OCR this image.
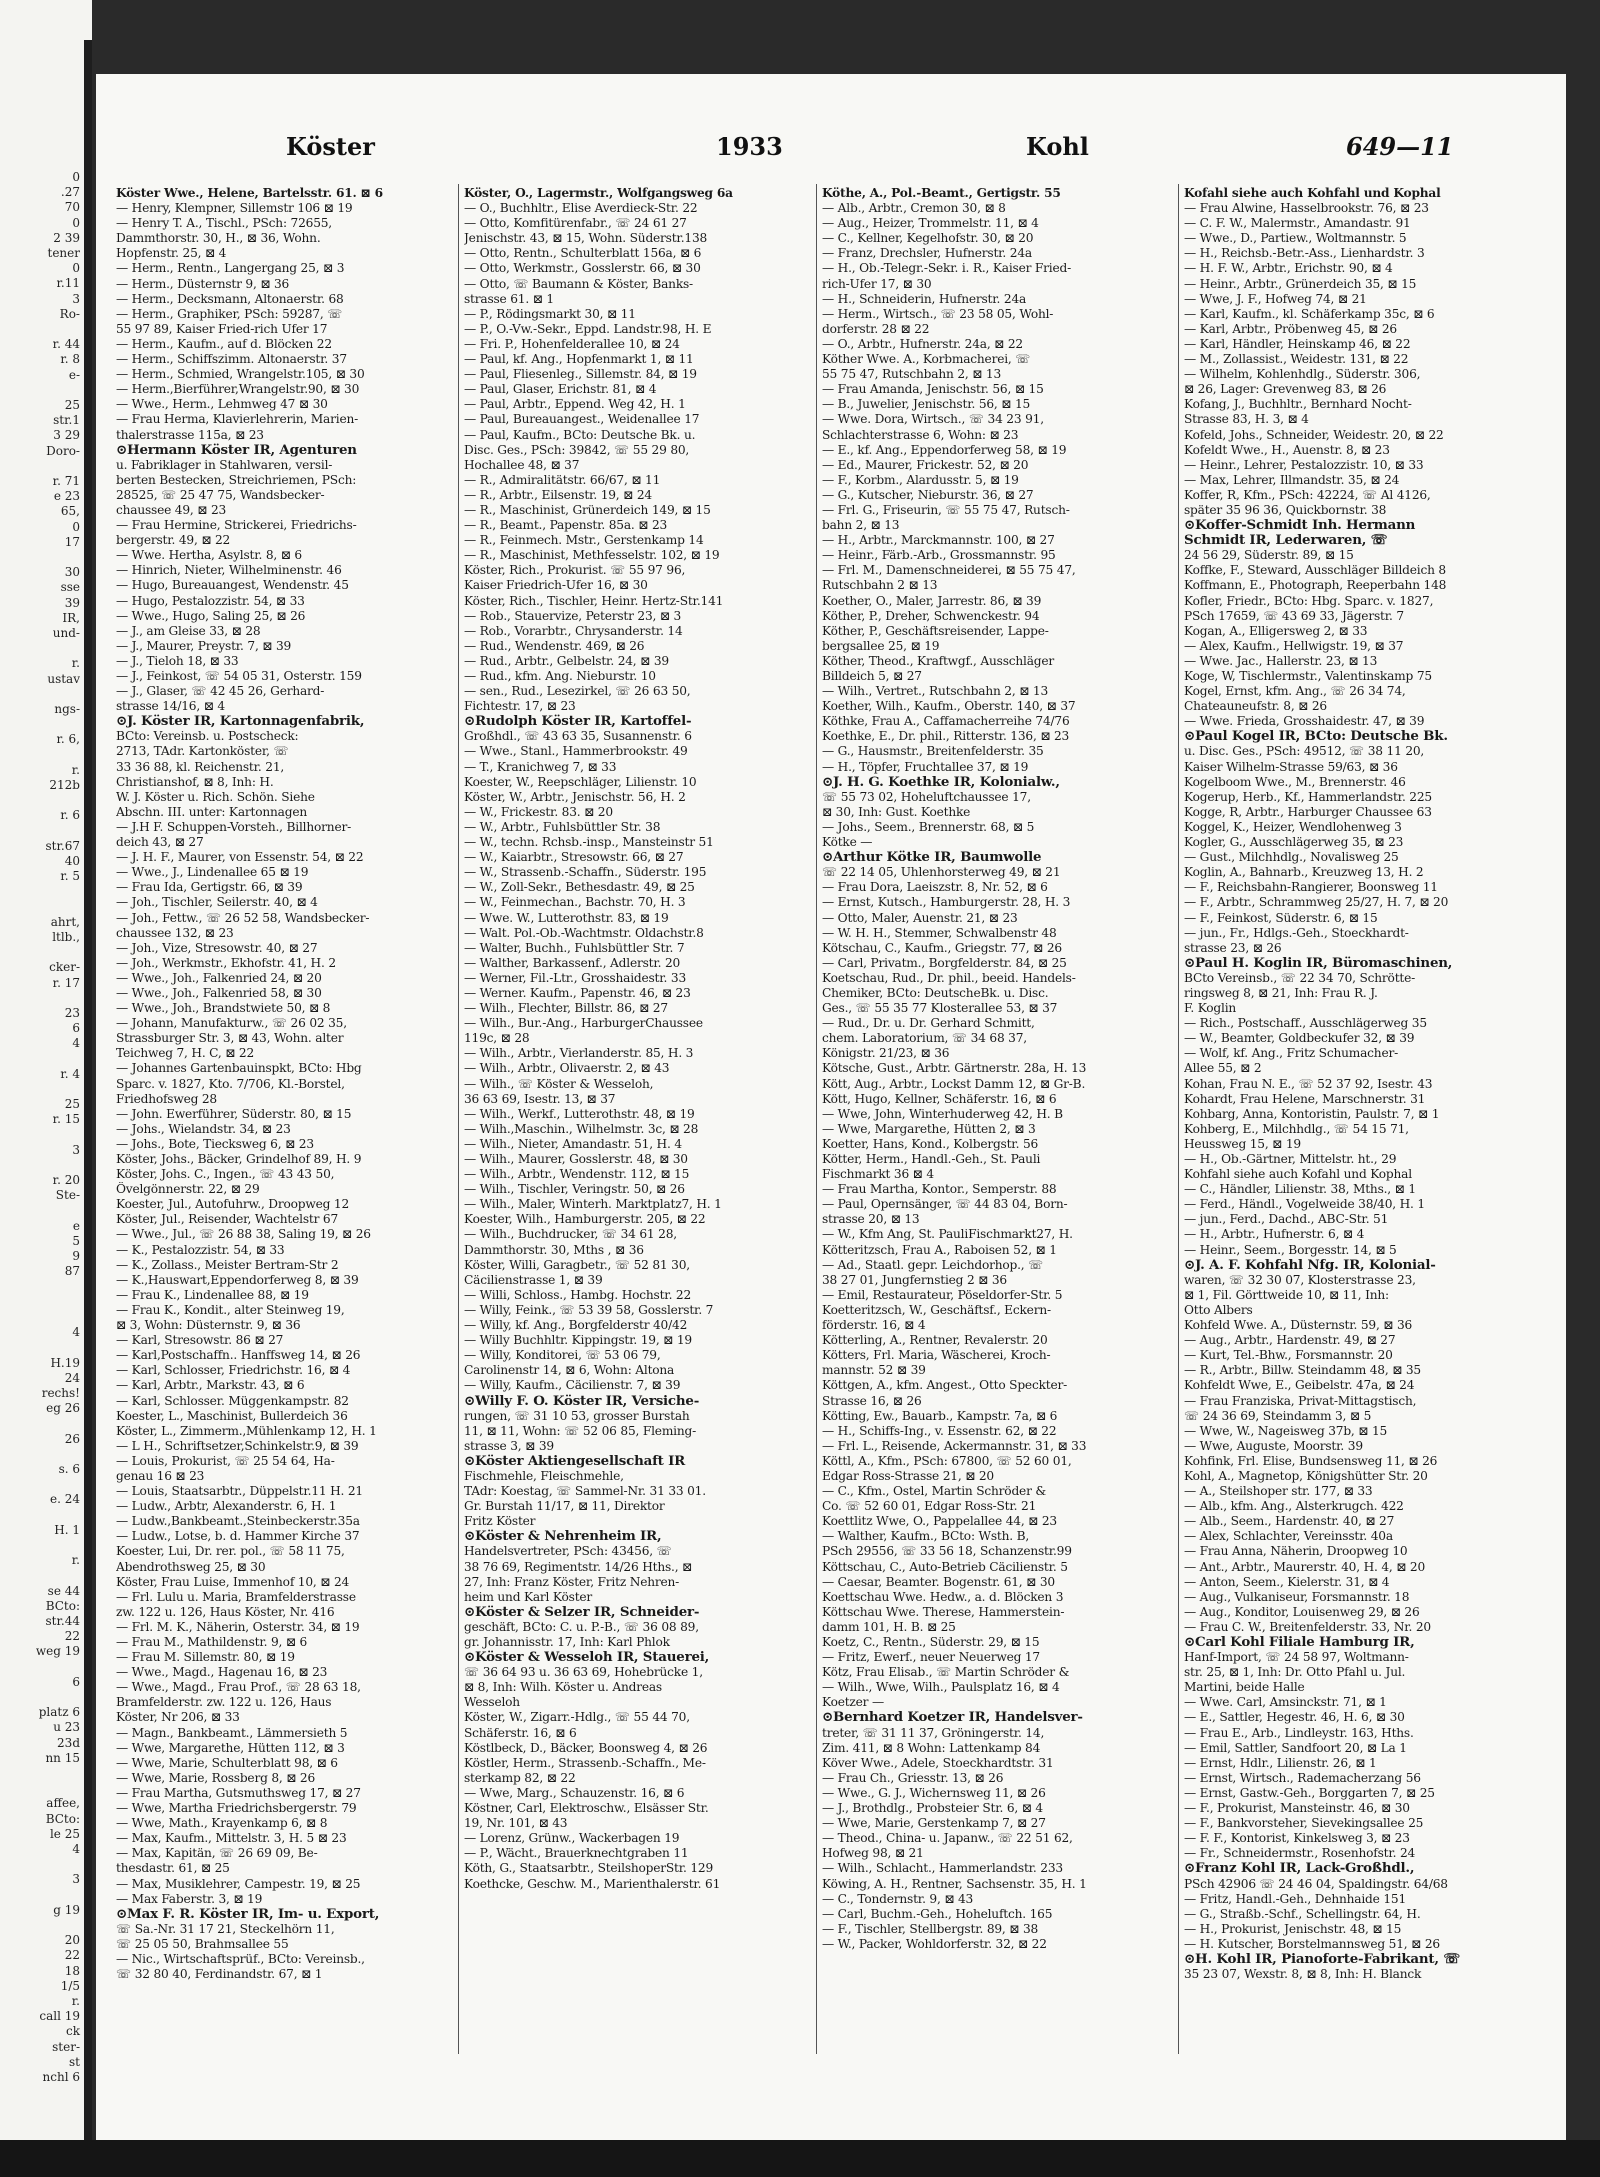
0
.27
70
0
2 39
tener
0
r.11
3
Ro-
r. 44
r. 8
e-
25
str.1
3 29
Doro-
r. 71
e 23
65,
0
17
30
sse
39
IR,
und-
r.
ustav
ngs-
r. 6,
r.
212b
r. 6
str.67
40
r. 5
ahrt,
ltlb.,
cker-
r. 17
23
6
4
r. 4
25
r. 15
3
r. 20
Ste-
e
5
9
87
4
H.19
24
rechs!
eg 26
26
s. 6
e. 24
H. 1
r.
se 44
BCto:
str.44
22
weg 19
6
platz 6
u 23
23d
nn 15
affee,
BCto:
le 25
4
3
g 19
20
22
18
1/5
r.
call 19
ck
ster-
st
nchl 6
Köster	1933	Kohl	649—11
Köster Wwe., Helene, Bartelsstr. 61. ⊠ 6
— Henry, Klempner, Sillemstr 106 ⊠ 19
— Henry T. A., Tischl., PSch: 72655,
Dammthorstr. 30, H., ⊠ 36, Wohn.
Hopfenstr. 25, ⊠ 4
— Herm., Rentn., Langergang 25, ⊠ 3
— Herm., Düsternstr 9, ⊠ 36
— Herm., Decksmann, Altonaerstr. 68
— Herm., Graphiker, PSch: 59287, ☏
55 97 89, Kaiser Fried-rich Ufer 17
— Herm., Kaufm., auf d. Blöcken 22
— Herm., Schiffszimm. Altonaerstr. 37
— Herm., Schmied, Wrangelstr.105, ⊠ 30
— Herm.,Bierführer,Wrangelstr.90, ⊠ 30
— Wwe., Herm., Lehmweg 47 ⊠ 30
— Frau Herma, Klavierlehrerin, Marien-
thalerstrasse 115a, ⊠ 23
⊙ Hermann Köster IR, Agenturen
u. Fabriklager in Stahlwaren, versil-
berten Bestecken, Streichriemen, PSch:
28525, ☏ 25 47 75, Wandsbecker-
chaussee 49, ⊠ 23
— Frau Hermine, Strickerei, Friedrichs-
bergerstr. 49, ⊠ 22
— Wwe. Hertha, Asylstr. 8, ⊠ 6
— Hinrich, Nieter, Wilhelminenstr. 46
— Hugo, Bureauangest, Wendenstr. 45
— Hugo, Pestalozzistr. 54, ⊠ 33
— Wwe., Hugo, Saling 25, ⊠ 26
— J., am Gleise 33, ⊠ 28
— J., Maurer, Preystr. 7, ⊠ 39
— J., Tieloh 18, ⊠ 33
— J., Feinkost, ☏ 54 05 31, Osterstr. 159
— J., Glaser, ☏ 42 45 26, Gerhard-
strasse 14/16, ⊠ 4
⊙ J. Köster IR, Kartonnagenfabrik,
BCto: Vereinsb. u. Postscheck:
2713, TAdr. Kartonköster, ☏
33 36 88, kl. Reichenstr. 21,
Christianshof, ⊠ 8, Inh: H.
W. J. Köster u. Rich. Schön. Siehe
Abschn. III. unter: Kartonnagen
— J.H F. Schuppen-Vorsteh., Billhorner-
deich 43, ⊠ 27
— J. H. F., Maurer, von Essenstr. 54, ⊠ 22
— Wwe., J., Lindenallee 65 ⊠ 19
— Frau Ida, Gertigstr. 66, ⊠ 39
— Joh., Tischler, Seilerstr. 40, ⊠ 4
— Joh., Fettw., ☏ 26 52 58, Wandsbecker-
chaussee 132, ⊠ 23
— Joh., Vize, Stresowstr. 40, ⊠ 27
— Joh., Werkmstr., Ekhofstr. 41, H. 2
— Wwe., Joh., Falkenried 24, ⊠ 20
— Wwe., Joh., Falkenried 58, ⊠ 30
— Wwe., Joh., Brandstwiete 50, ⊠ 8
— Johann, Manufakturw., ☏ 26 02 35,
Strassburger Str. 3, ⊠ 43, Wohn. alter
Teichweg 7, H. C, ⊠ 22
— Johannes Gartenbauinspkt, BCto: Hbg
Sparc. v. 1827, Kto. 7/706, Kl.-Borstel,
Friedhofsweg 28
— John. Ewerführer, Süderstr. 80, ⊠ 15
— Johs., Wielandstr. 34, ⊠ 23
— Johs., Bote, Tiecksweg 6, ⊠ 23
Köster, Johs., Bäcker, Grindelhof 89, H. 9
Köster, Johs. C., Ingen., ☏ 43 43 50,
Övelgönnerstr. 22, ⊠ 29
Koester, Jul., Autofuhrw., Droopweg 12
Köster, Jul., Reisender, Wachtelstr 67
— Wwe., Jul., ☏ 26 88 38, Saling 19, ⊠ 26
— K., Pestalozzistr. 54, ⊠ 33
— K., Zollass., Meister Bertram-Str 2
— K.,Hauswart,Eppendorferweg 8, ⊠ 39
— Frau K., Lindenallee 88, ⊠ 19
— Frau K., Kondit., alter Steinweg 19,
⊠ 3, Wohn: Düsternstr. 9, ⊠ 36
— Karl, Stresowstr. 86 ⊠ 27
— Karl,Postschaffn.. Hanffsweg 14, ⊠ 26
— Karl, Schlosser, Friedrichstr. 16, ⊠ 4
— Karl, Arbtr., Markstr. 43, ⊠ 6
— Karl, Schlosser. Müggenkampstr. 82
Koester, L., Maschinist, Bullerdeich 36
Köster, L., Zimmerm.,Mühlenkamp 12, H. 1
— L H., Schriftsetzer,Schinkelstr.9, ⊠ 39
— Louis, Prokurist, ☏ 25 54 64, Ha-
genau 16 ⊠ 23
— Louis, Staatsarbtr., Düppelstr.11 H. 21
— Ludw., Arbtr, Alexanderstr. 6, H. 1
— Ludw.,Bankbeamt.,Steinbeckerstr.35a
— Ludw., Lotse, b. d. Hammer Kirche 37
Koester, Lui, Dr. rer. pol., ☏ 58 11 75,
Abendrothsweg 25, ⊠ 30
Köster, Frau Luise, Immenhof 10, ⊠ 24
— Frl. Lulu u. Maria, Bramfelderstrasse
zw. 122 u. 126, Haus Köster, Nr. 416
— Frl. M. K., Näherin, Osterstr. 34, ⊠ 19
— Frau M., Mathildenstr. 9, ⊠ 6
— Frau M. Sillemstr. 80, ⊠ 19
— Wwe., Magd., Hagenau 16, ⊠ 23
— Wwe., Magd., Frau Prof., ☏ 28 63 18,
Bramfelderstr. zw. 122 u. 126, Haus
Köster, Nr 206, ⊠ 33
— Magn., Bankbeamt., Lämmersieth 5
— Wwe, Margarethe, Hütten 112, ⊠ 3
— Wwe, Marie, Schulterblatt 98, ⊠ 6
— Wwe, Marie, Rossberg 8, ⊠ 26
— Frau Martha, Gutsmuthsweg 17, ⊠ 27
— Wwe, Martha Friedrichsbergerstr. 79
— Wwe, Math., Krayenkamp 6, ⊠ 8
— Max, Kaufm., Mittelstr. 3, H. 5 ⊠ 23
— Max, Kapitän, ☏ 26 69 09, Be-
thesdastr. 61, ⊠ 25
— Max, Musiklehrer, Campestr. 19, ⊠ 25
— Max Faberstr. 3, ⊠ 19
⊙ Max F. R. Köster IR, Im- u. Export,
☏ Sa.-Nr. 31 17 21, Steckelhörn 11,
☏ 25 05 50, Brahmsallee 55
— Nic., Wirtschaftsprüf., BCto: Vereinsb.,
☏ 32 80 40, Ferdinandstr. 67, ⊠ 1
Köster, O., Lagermstr., Wolfgangsweg 6a
— O., Buchhltr., Elise Averdieck-Str. 22
— Otto, Komfitürenfabr., ☏ 24 61 27
Jenischstr. 43, ⊠ 15, Wohn. Süderstr.138
— Otto, Rentn., Schulterblatt 156a, ⊠ 6
— Otto, Werkmstr., Gosslerstr. 66, ⊠ 30
— Otto, ☏ Baumann & Köster, Banks-
strasse 61. ⊠ 1
— P., Rödingsmarkt 30, ⊠ 11
— P., O.-Vw.-Sekr., Eppd. Landstr.98, H. E
— Fri. P., Hohenfelderallee 10, ⊠ 24
— Paul, kf. Ang., Hopfenmarkt 1, ⊠ 11
— Paul, Fliesenleg., Sillemstr. 84, ⊠ 19
— Paul, Glaser, Erichstr. 81, ⊠ 4
— Paul, Arbtr., Eppend. Weg 42, H. 1
— Paul, Bureauangest., Weidenallee 17
— Paul, Kaufm., BCto: Deutsche Bk. u.
Disc. Ges., PSch: 39842, ☏ 55 29 80,
Hochallee 48, ⊠ 37
— R., Admiralitätstr. 66/67, ⊠ 11
— R., Arbtr., Eilsenstr. 19, ⊠ 24
— R., Maschinist, Grünerdeich 149, ⊠ 15
— R., Beamt., Papenstr. 85a. ⊠ 23
— R., Feinmech. Mstr., Gerstenkamp 14
— R., Maschinist, Methfesselstr. 102, ⊠ 19
Köster, Rich., Prokurist. ☏ 55 97 96,
Kaiser Friedrich-Ufer 16, ⊠ 30
Köster, Rich., Tischler, Heinr. Hertz-Str.141
— Rob., Stauervize, Peterstr 23, ⊠ 3
— Rob., Vorarbtr., Chrysanderstr. 14
— Rud., Wendenstr. 469, ⊠ 26
— Rud., Arbtr., Gelbelstr. 24, ⊠ 39
— Rud., kfm. Ang. Nieburstr. 10
— sen., Rud., Lesezirkel, ☏ 26 63 50,
Fichtestr. 17, ⊠ 23
⊙ Rudolph Köster IR, Kartoffel-
Großhdl., ☏ 43 63 35, Susannenstr. 6
— Wwe., Stanl., Hammerbrookstr. 49
— T., Kranichweg 7, ⊠ 33
Koester, W., Reepschläger, Lilienstr. 10
Köster, W., Arbtr., Jenischstr. 56, H. 2
— W., Frickestr. 83. ⊠ 20
— W., Arbtr., Fuhlsbüttler Str. 38
— W., techn. Rchsb.-insp., Mansteinstr 51
— W., Kaiarbtr., Stresowstr. 66, ⊠ 27
— W., Strassenb.-Schaffn., Süderstr. 195
— W., Zoll-Sekr., Bethesdastr. 49, ⊠ 25
— W., Feinmechan., Bachstr. 70, H. 3
— Wwe. W., Lutterothstr. 83, ⊠ 19
— Walt. Pol.-Ob.-Wachtmstr. Oldachstr.8
— Walter, Buchh., Fuhlsbüttler Str. 7
— Walther, Barkassenf., Adlerstr. 20
— Werner, Fil.-Ltr., Grosshaidestr. 33
— Werner. Kaufm., Papenstr. 46, ⊠ 23
— Wilh., Flechter, Billstr. 86, ⊠ 27
— Wilh., Bur.-Ang., HarburgerChaussee
119c, ⊠ 28
— Wilh., Arbtr., Vierlanderstr. 85, H. 3
— Wilh., Arbtr., Olivaerstr. 2, ⊠ 43
— Wilh., ☏ Köster & Wesseloh,
36 63 69, Isestr. 13, ⊠ 37
— Wilh., Werkf., Lutterothstr. 48, ⊠ 19
— Wilh.,Maschin., Wilhelmstr. 3c, ⊠ 28
— Wilh., Nieter, Amandastr. 51, H. 4
— Wilh., Maurer, Gosslerstr. 48, ⊠ 30
— Wilh., Arbtr., Wendenstr. 112, ⊠ 15
— Wilh., Tischler, Veringstr. 50, ⊠ 26
— Wilh., Maler, Winterh. Marktplatz7, H. 1
Koester, Wilh., Hamburgerstr. 205, ⊠ 22
— Wilh., Buchdrucker, ☏ 34 61 28,
Dammthorstr. 30, Mths , ⊠ 36
Köster, Willi, Garagbetr., ☏ 52 81 30,
Cäcilienstrasse 1, ⊠ 39
— Willi, Schloss., Hambg. Hochstr. 22
— Willy, Feink., ☏ 53 39 58, Gosslerstr. 7
— Willy, kf. Ang., Borgfelderstr 40/42
— Willy Buchhltr. Kippingstr. 19, ⊠ 19
— Willy, Konditorei, ☏ 53 06 79,
Carolinenstr 14, ⊠ 6, Wohn: Altona
— Willy, Kaufm., Cäcilienstr. 7, ⊠ 39
⊙ Willy F. O. Köster IR, Versiche-
rungen, ☏ 31 10 53, grosser Burstah
11, ⊠ 11, Wohn: ☏ 52 06 85, Fleming-
strasse 3, ⊠ 39
⊙ Köster Aktiengesellschaft IR
Fischmehle, Fleischmehle,
TAdr: Koestag, ☏ Sammel-Nr. 31 33 01.
Gr. Burstah 11/17, ⊠ 11, Direktor
Fritz Köster
⊙ Köster & Nehrenheim IR,
Handelsvertreter, PSch: 43456, ☏
38 76 69, Regimentstr. 14/26 Hths., ⊠
27, Inh: Franz Köster, Fritz Nehren-
heim und Karl Köster
⊙ Köster & Selzer IR, Schneider-
geschäft, BCto: C. u. P.-B., ☏ 36 08 89,
gr. Johannisstr. 17, Inh: Karl Phlok
⊙ Köster & Wesseloh IR, Stauerei,
☏ 36 64 93 u. 36 63 69, Hohebrücke 1,
⊠ 8, Inh: Wilh. Köster u. Andreas
Wesseloh
Köster, W., Zigarr.-Hdlg., ☏ 55 44 70,
Schäferstr. 16, ⊠ 6
Köstlbeck, D., Bäcker, Boonsweg 4, ⊠ 26
Köstler, Herm., Strassenb.-Schaffn., Me-
sterkamp 82, ⊠ 22
— Wwe, Marg., Schauzenstr. 16, ⊠ 6
Köstner, Carl, Elektroschw., Elsässer Str.
19, Nr. 101, ⊠ 43
— Lorenz, Grünw., Wackerbagen 19
— P., Wächt., Brauerknechtgraben 11
Köth, G., Staatsarbtr., SteilshoperStr. 129
Koethcke, Geschw. M., Marienthalerstr. 61
Köthe, A., Pol.-Beamt., Gertigstr. 55
— Alb., Arbtr., Cremon 30, ⊠ 8
— Aug., Heizer, Trommelstr. 11, ⊠ 4
— C., Kellner, Kegelhofstr. 30, ⊠ 20
— Franz, Drechsler, Hufnerstr. 24a
— H., Ob.-Telegr.-Sekr. i. R., Kaiser Fried-
rich-Ufer 17, ⊠ 30
— H., Schneiderin, Hufnerstr. 24a
— Herm., Wirtsch., ☏ 23 58 05, Wohl-
dorferstr. 28 ⊠ 22
— O., Arbtr., Hufnerstr. 24a, ⊠ 22
Köther Wwe. A., Korbmacherei, ☏
55 75 47, Rutschbahn 2, ⊠ 13
— Frau Amanda, Jenischstr. 56, ⊠ 15
— B., Juwelier, Jenischstr. 56, ⊠ 15
— Wwe. Dora, Wirtsch., ☏ 34 23 91,
Schlachterstrasse 6, Wohn: ⊠ 23
— E., kf. Ang., Eppendorferweg 58, ⊠ 19
— Ed., Maurer, Frickestr. 52, ⊠ 20
— F., Korbm., Alardusstr. 5, ⊠ 19
— G., Kutscher, Nieburstr. 36, ⊠ 27
— Frl. G., Friseurin, ☏ 55 75 47, Rutsch-
bahn 2, ⊠ 13
— H., Arbtr., Marckmannstr. 100, ⊠ 27
— Heinr., Färb.-Arb., Grossmannstr. 95
— Frl. M., Damenschneiderei, ⊠ 55 75 47,
Rutschbahn 2 ⊠ 13
Koether, O., Maler, Jarrestr. 86, ⊠ 39
Köther, P., Dreher, Schwenckestr. 94
Köther, P., Geschäftsreisender, Lappe-
bergsallee 25, ⊠ 19
Köther, Theod., Kraftwgf., Ausschläger
Billdeich 5, ⊠ 27
— Wilh., Vertret., Rutschbahn 2, ⊠ 13
Koether, Wilh., Kaufm., Oberstr. 140, ⊠ 37
Köthke, Frau A., Caffamacherreihe 74/76
Koethke, E., Dr. phil., Ritterstr. 136, ⊠ 23
— G., Hausmstr., Breitenfelderstr. 35
— H., Töpfer, Fruchtallee 37, ⊠ 19
⊙ J. H. G. Koethke IR, Kolonialw.,
☏ 55 73 02, Hoheluftchaussee 17,
⊠ 30, Inh: Gust. Koethke
— Johs., Seem., Brennerstr. 68, ⊠ 5
Kötke —
⊙ Arthur Kötke IR, Baumwolle
☏ 22 14 05, Uhlenhorsterweg 49, ⊠ 21
— Frau Dora, Laeiszstr. 8, Nr. 52, ⊠ 6
— Ernst, Kutsch., Hamburgerstr. 28, H. 3
— Otto, Maler, Auenstr. 21, ⊠ 23
— W. H. H., Stemmer, Schwalbenstr 48
Kötschau, C., Kaufm., Griegstr. 77, ⊠ 26
— Carl, Privatm., Borgfelderstr. 84, ⊠ 25
Koetschau, Rud., Dr. phil., beeid. Handels-
Chemiker, BCto: DeutscheBk. u. Disc.
Ges., ☏ 55 35 77 Klosterallee 53, ⊠ 37
— Rud., Dr. u. Dr. Gerhard Schmitt,
chem. Laboratorium, ☏ 34 68 37,
Königstr. 21/23, ⊠ 36
Kötsche, Gust., Arbtr. Gärtnerstr. 28a, H. 13
Kött, Aug., Arbtr., Lockst Damm 12, ⊠ Gr-B.
Kött, Hugo, Kellner, Schäferstr. 16, ⊠ 6
— Wwe, John, Winterhuderweg 42, H. B
— Wwe, Margarethe, Hütten 2, ⊠ 3
Koetter, Hans, Kond., Kolbergstr. 56
Kötter, Herm., Handl.-Geh., St. Pauli
Fischmarkt 36 ⊠ 4
— Frau Martha, Kontor., Semperstr. 88
— Paul, Opernsänger, ☏ 44 83 04, Born-
strasse 20, ⊠ 13
— W., Kfm Ang, St. PauliFischmarkt27, H.
Kötteritzsch, Frau A., Raboisen 52, ⊠ 1
— Ad., Staatl. gepr. Leichdorhop., ☏
38 27 01, Jungfernstieg 2 ⊠ 36
— Emil, Restaurateur, Pöseldorfer-Str. 5
Koetteritzsch, W., Geschäftsf., Eckern-
förderstr. 16, ⊠ 4
Kötterling, A., Rentner, Revalerstr. 20
Kötters, Frl. Maria, Wäscherei, Kroch-
mannstr. 52 ⊠ 39
Köttgen, A., kfm. Angest., Otto Speckter-
Strasse 16, ⊠ 26
Kötting, Ew., Bauarb., Kampstr. 7a, ⊠ 6
— H., Schiffs-Ing., v. Essenstr. 62, ⊠ 22
— Frl. L., Reisende, Ackermannstr. 31, ⊠ 33
Köttl, A., Kfm., PSch: 67800, ☏ 52 60 01,
Edgar Ross-Strasse 21, ⊠ 20
— C., Kfm., Ostel, Martin Schröder &
Co. ☏ 52 60 01, Edgar Ross-Str. 21
Koettlitz Wwe, O., Pappelallee 44, ⊠ 23
— Walther, Kaufm., BCto: Wsth. B,
PSch 29556, ☏ 33 56 18, Schanzenstr.99
Köttschau, C., Auto-Betrieb Cäcilienstr. 5
— Caesar, Beamter. Bogenstr. 61, ⊠ 30
Koettschau Wwe. Hedw., a. d. Blöcken 3
Köttschau Wwe. Therese, Hammerstein-
damm 101, H. B. ⊠ 25
Koetz, C., Rentn., Süderstr. 29, ⊠ 15
— Fritz, Ewerf., neuer Neuerweg 17
Kötz, Frau Elisab., ☏ Martin Schröder &
— Wilh., Wwe, Wilh., Paulsplatz 16, ⊠ 4
Koetzer —
⊙ Bernhard Koetzer IR, Handelsver-
treter, ☏ 31 11 37, Gröningerstr. 14,
Zim. 411, ⊠ 8 Wohn: Lattenkamp 84
Köver Wwe., Adele, Stoeckhardtstr. 31
— Frau Ch., Griesstr. 13, ⊠ 26
— Wwe., G. J., Wichernsweg 11, ⊠ 26
— J., Brothdlg., Probsteier Str. 6, ⊠ 4
— Wwe, Marie, Gerstenkamp 7, ⊠ 27
— Theod., China- u. Japanw., ☏ 22 51 62,
Hofweg 98, ⊠ 21
— Wilh., Schlacht., Hammerlandstr. 233
Köwing, A. H., Rentner, Sachsenstr. 35, H. 1
— C., Tondernstr. 9, ⊠ 43
— Carl, Buchm.-Geh., Hoheluftch. 165
— F., Tischler, Stellbergstr. 89, ⊠ 38
— W., Packer, Wohldorferstr. 32, ⊠ 22
Kofahl siehe auch Kohfahl und Kophal
— Frau Alwine, Hasselbrookstr. 76, ⊠ 23
— C. F. W., Malermstr., Amandastr. 91
— Wwe., D., Partiew., Woltmannstr. 5
— H., Reichsb.-Betr.-Ass., Lienhardstr. 3
— H. F. W., Arbtr., Erichstr. 90, ⊠ 4
— Heinr., Arbtr., Grünerdeich 35, ⊠ 15
— Wwe, J. F., Hofweg 74, ⊠ 21
— Karl, Kaufm., kl. Schäferkamp 35c, ⊠ 6
— Karl, Arbtr., Pröbenweg 45, ⊠ 26
— Karl, Händler, Heinskamp 46, ⊠ 22
— M., Zollassist., Weidestr. 131, ⊠ 22
— Wilhelm, Kohlenhdlg., Süderstr. 306,
⊠ 26, Lager: Grevenweg 83, ⊠ 26
Kofang, J., Buchhltr., Bernhard Nocht-
Strasse 83, H. 3, ⊠ 4
Kofeld, Johs., Schneider, Weidestr. 20, ⊠ 22
Kofeldt Wwe., H., Auenstr. 8, ⊠ 23
— Heinr., Lehrer, Pestalozzistr. 10, ⊠ 33
— Max, Lehrer, Illmandstr. 35, ⊠ 24
Koffer, R, Kfm., PSch: 42224, ☏ Al 4126,
später 35 96 36, Quickbornstr. 38
⊙ Koffer-Schmidt Inh. Hermann
Schmidt IR, Lederwaren, ☏
24 56 29, Süderstr. 89, ⊠ 15
Koffke, F., Steward, Ausschläger Billdeich 8
Koffmann, E., Photograph, Reeperbahn 148
Kofler, Friedr., BCto: Hbg. Sparc. v. 1827,
PSch 17659, ☏ 43 69 33, Jägerstr. 7
Kogan, A., Elligersweg 2, ⊠ 33
— Alex, Kaufm., Hellwigstr. 19, ⊠ 37
— Wwe. Jac., Hallerstr. 23, ⊠ 13
Koge, W, Tischlermstr., Valentinskamp 75
Kogel, Ernst, kfm. Ang., ☏ 26 34 74,
Chateauneufstr. 8, ⊠ 26
— Wwe. Frieda, Grosshaidestr. 47, ⊠ 39
⊙ Paul Kogel IR, BCto: Deutsche Bk.
u. Disc. Ges., PSch: 49512, ☏ 38 11 20,
Kaiser Wilhelm-Strasse 59/63, ⊠ 36
Kogelboom Wwe., M., Brennerstr. 46
Kogerup, Herb., Kf., Hammerlandstr. 225
Kogge, R, Arbtr., Harburger Chaussee 63
Koggel, K., Heizer, Wendlohenweg 3
Kogler, G., Ausschlägerweg 35, ⊠ 23
— Gust., Milchhdlg., Novalisweg 25
Koglin, A., Bahnarb., Kreuzweg 13, H. 2
— F., Reichsbahn-Rangierer, Boonsweg 11
— F., Arbtr., Schrammweg 25/27, H. 7, ⊠ 20
— F., Feinkost, Süderstr. 6, ⊠ 15
— jun., Fr., Hdlgs.-Geh., Stoeckhardt-
strasse 23, ⊠ 26
⊙ Paul H. Koglin IR, Büromaschinen,
BCto Vereinsb., ☏ 22 34 70, Schrötte-
ringsweg 8, ⊠ 21, Inh: Frau R. J.
F. Koglin
— Rich., Postschaff., Ausschlägerweg 35
— W., Beamter, Goldbeckufer 32, ⊠ 39
— Wolf, kf. Ang., Fritz Schumacher-
Allee 55, ⊠ 2
Kohan, Frau N. E., ☏ 52 37 92, Isestr. 43
Kohardt, Frau Helene, Marschnerstr. 31
Kohbarg, Anna, Kontoristin, Paulstr. 7, ⊠ 1
Kohberg, E., Milchhdlg., ☏ 54 15 71,
Heussweg 15, ⊠ 19
— H., Ob.-Gärtner, Mittelstr. ht., 29
Kohfahl siehe auch Kofahl und Kophal
— C., Händler, Lilienstr. 38, Mths., ⊠ 1
— Ferd., Händl., Vogelweide 38/40, H. 1
— jun., Ferd., Dachd., ABC-Str. 51
— H., Arbtr., Hufnerstr. 6, ⊠ 4
— Heinr., Seem., Borgesstr. 14, ⊠ 5
⊙ J. A. F. Kohfahl Nfg. IR, Kolonial-
waren, ☏ 32 30 07, Klosterstrasse 23,
⊠ 1, Fil. Görttweide 10, ⊠ 11, Inh:
Otto Albers
Kohfeld Wwe. A., Düsternstr. 59, ⊠ 36
— Aug., Arbtr., Hardenstr. 49, ⊠ 27
— Kurt, Tel.-Bhw., Forsmannstr. 20
— R., Arbtr., Billw. Steindamm 48, ⊠ 35
Kohfeldt Wwe, E., Geibelstr. 47a, ⊠ 24
— Frau Franziska, Privat-Mittagstisch,
☏ 24 36 69, Steindamm 3, ⊠ 5
— Wwe, W., Nageisweg 37b, ⊠ 15
— Wwe, Auguste, Moorstr. 39
Kohfink, Frl. Elise, Bundsensweg 11, ⊠ 26
Kohl, A., Magnetop, Königshütter Str. 20
— A., Steilshoper str. 177, ⊠ 33
— Alb., kfm. Ang., Alsterkrugch. 422
— Alb., Seem., Hardenstr. 40, ⊠ 27
— Alex, Schlachter, Vereinsstr. 40a
— Frau Anna, Näherin, Droopweg 10
— Ant., Arbtr., Maurerstr. 40, H. 4, ⊠ 20
— Anton, Seem., Kielerstr. 31, ⊠ 4
— Aug., Vulkaniseur, Forsmannstr. 18
— Aug., Konditor, Louisenweg 29, ⊠ 26
— Frau C. W., Breitenfelderstr. 33, Nr. 20
⊙ Carl Kohl Filiale Hamburg IR,
Hanf-Import, ☏ 24 58 97, Woltmann-
str. 25, ⊠ 1, Inh: Dr. Otto Pfahl u. Jul.
Martini, beide Halle
— Wwe. Carl, Amsinckstr. 71, ⊠ 1
— E., Sattler, Hegestr. 46, H. 6, ⊠ 30
— Frau E., Arb., Lindleystr. 163, Hths.
— Emil, Sattler, Sandfoort 20, ⊠ La 1
— Ernst, Hdlr., Lilienstr. 26, ⊠ 1
— Ernst, Wirtsch., Rademacherzang 56
— Ernst, Gastw.-Geh., Borggarten 7, ⊠ 25
— F., Prokurist, Mansteinstr. 46, ⊠ 30
— F., Bankvorsteher, Sievekingsallee 25
— F. F., Kontorist, Kinkelsweg 3, ⊠ 23
— Fr., Schneidermstr., Rosenhofstr. 24
⊙ Franz Kohl IR, Lack-Großhdl.,
PSch 42906 ☏ 24 46 04, Spaldingstr. 64/68
— Fritz, Handl.-Geh., Dehnhaide 151
— G., Straßb.-Schf., Schellingstr. 64, H.
— H., Prokurist, Jenischstr. 48, ⊠ 15
— H. Kutscher, Borstelmannsweg 51, ⊠ 26
⊙ H. Kohl IR, Pianoforte-Fabrikant, ☏
35 23 07, Wexstr. 8, ⊠ 8, Inh: H. Blanck
